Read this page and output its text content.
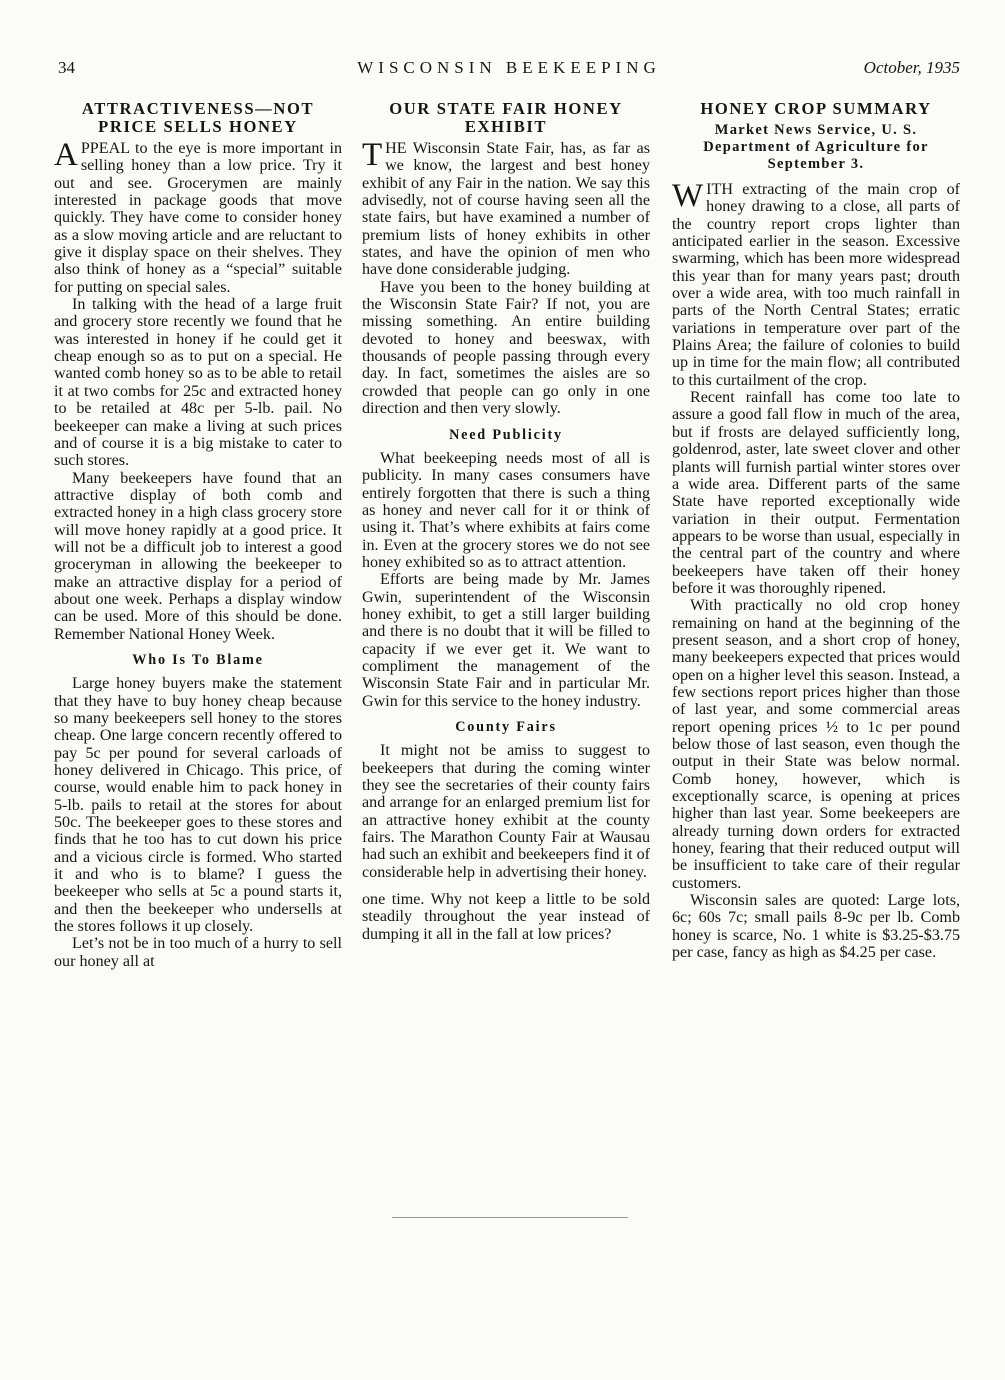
34	WISCONSIN BEEKEEPING	October, 1935
ATTRACTIVENESS—NOT PRICE SELLS HONEY

APPEAL to the eye is more important in selling honey than a low price. Try it out and see. Grocerymen are mainly interested in package goods that move quickly. They have come to consider honey as a slow moving article and are reluctant to give it display space on their shelves. They also think of honey as a “special” suitable for putting on special sales.

In talking with the head of a large fruit and grocery store recently we found that he was interested in honey if he could get it cheap enough so as to put on a special. He wanted comb honey so as to be able to retail it at two combs for 25c and extracted honey to be retailed at 48c per 5-lb. pail. No beekeeper can make a living at such prices and of course it is a big mistake to cater to such stores.

Many beekeepers have found that an attractive display of both comb and extracted honey in a high class grocery store will move honey rapidly at a good price. It will not be a difficult job to interest a good groceryman in allowing the beekeeper to make an attractive display for a period of about one week. Perhaps a display window can be used. More of this should be done. Remember National Honey Week.

Who Is To Blame

Large honey buyers make the statement that they have to buy honey cheap because so many beekeepers sell honey to the stores cheap. One large concern recently offered to pay 5c per pound for several carloads of honey delivered in Chicago. This price, of course, would enable him to pack honey in 5-lb. pails to retail at the stores for about 50c. The beekeeper goes to these stores and finds that he too has to cut down his price and a vicious circle is formed. Who started it and who is to blame? I guess the beekeeper who sells at 5c a pound starts it, and then the beekeeper who undersells at the stores follows it up closely.

Let’s not be in too much of a hurry to sell our honey all at

OUR STATE FAIR HONEY EXHIBIT

THE Wisconsin State Fair, has, as far as we know, the largest and best honey exhibit of any Fair in the nation. We say this advisedly, not of course having seen all the state fairs, but have examined a number of premium lists of honey exhibits in other states, and have the opinion of men who have done considerable judging.

Have you been to the honey building at the Wisconsin State Fair? If not, you are missing something. An entire building devoted to honey and beeswax, with thousands of people passing through every day. In fact, sometimes the aisles are so crowded that people can go only in one direction and then very slowly.

Need Publicity

What beekeeping needs most of all is publicity. In many cases consumers have entirely forgotten that there is such a thing as honey and never call for it or think of using it. That’s where exhibits at fairs come in. Even at the grocery stores we do not see honey exhibited so as to attract attention.

Efforts are being made by Mr. James Gwin, superintendent of the Wisconsin honey exhibit, to get a still larger building and there is no doubt that it will be filled to capacity if we ever get it. We want to compliment the management of the Wisconsin State Fair and in particular Mr. Gwin for this service to the honey industry.

County Fairs

It might not be amiss to suggest to beekeepers that during the coming winter they see the secretaries of their county fairs and arrange for an enlarged premium list for an attractive honey exhibit at the county fairs. The Marathon County Fair at Wausau had such an exhibit and beekeepers find it of considerable help in advertising their honey.

one time. Why not keep a little to be sold steadily throughout the year instead of dumping it all in the fall at low prices?

HONEY CROP SUMMARY
Market News Service, U. S. Department of Agriculture for September 3.

WITH extracting of the main crop of honey drawing to a close, all parts of the country report crops lighter than anticipated earlier in the season. Excessive swarming, which has been more widespread this year than for many years past; drouth over a wide area, with too much rainfall in parts of the North Central States; erratic variations in temperature over part of the Plains Area; the failure of colonies to build up in time for the main flow; all contributed to this curtailment of the crop.

Recent rainfall has come too late to assure a good fall flow in much of the area, but if frosts are delayed sufficiently long, goldenrod, aster, late sweet clover and other plants will furnish partial winter stores over a wide area. Different parts of the same State have reported exceptionally wide variation in their output. Fermentation appears to be worse than usual, especially in the central part of the country and where beekeepers have taken off their honey before it was thoroughly ripened.

With practically no old crop honey remaining on hand at the beginning of the present season, and a short crop of honey, many beekeepers expected that prices would open on a higher level this season. Instead, a few sections report prices higher than those of last year, and some commercial areas report opening prices ½ to 1c per pound below those of last season, even though the output in their State was below normal. Comb honey, however, which is exceptionally scarce, is opening at prices higher than last year. Some beekeepers are already turning down orders for extracted honey, fearing that their reduced output will be insufficient to take care of their regular customers.

Wisconsin sales are quoted: Large lots, 6c; 60s 7c; small pails 8-9c per lb. Comb honey is scarce, No. 1 white is $3.25-$3.75 per case, fancy as high as $4.25 per case.
